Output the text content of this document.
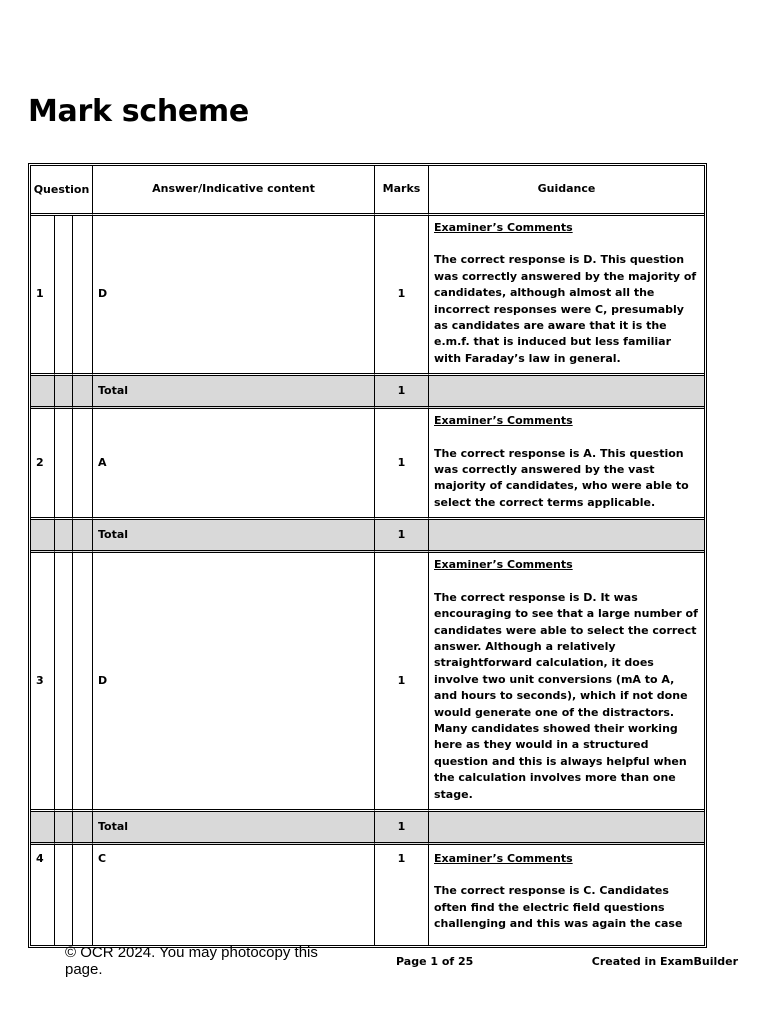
Mark scheme
Question			Answer/Indicative content	Marks	Guidance
1			D	1	Examiner’s Comments
The correct response is D. This question was correctly answered by the majority of candidates, although almost all the incorrect responses were C, presumably as candidates are aware that it is the e.m.f. that is induced but less familiar with Faraday’s law in general.
			Total	1	
2			A	1	Examiner’s Comments
The correct response is A. This question was correctly answered by the vast majority of candidates, who were able to select the correct terms applicable.
			Total	1	
3			D	1	Examiner’s Comments
The correct response is D. It was encouraging to see that a large number of candidates were able to select the correct answer. Although a relatively straightforward calculation, it does involve two unit conversions (mA to A, and hours to seconds), which if not done would generate one of the distractors. Many candidates showed their working here as they would in a structured question and this is always helpful when the calculation involves more than one stage.
			Total	1	
4			C	1	Examiner’s Comments
The correct response is C. Candidates often find the electric field questions challenging and this was again the case
© OCR 2024. You may photocopy this page.	Page 1 of 25	Created in ExamBuilder
